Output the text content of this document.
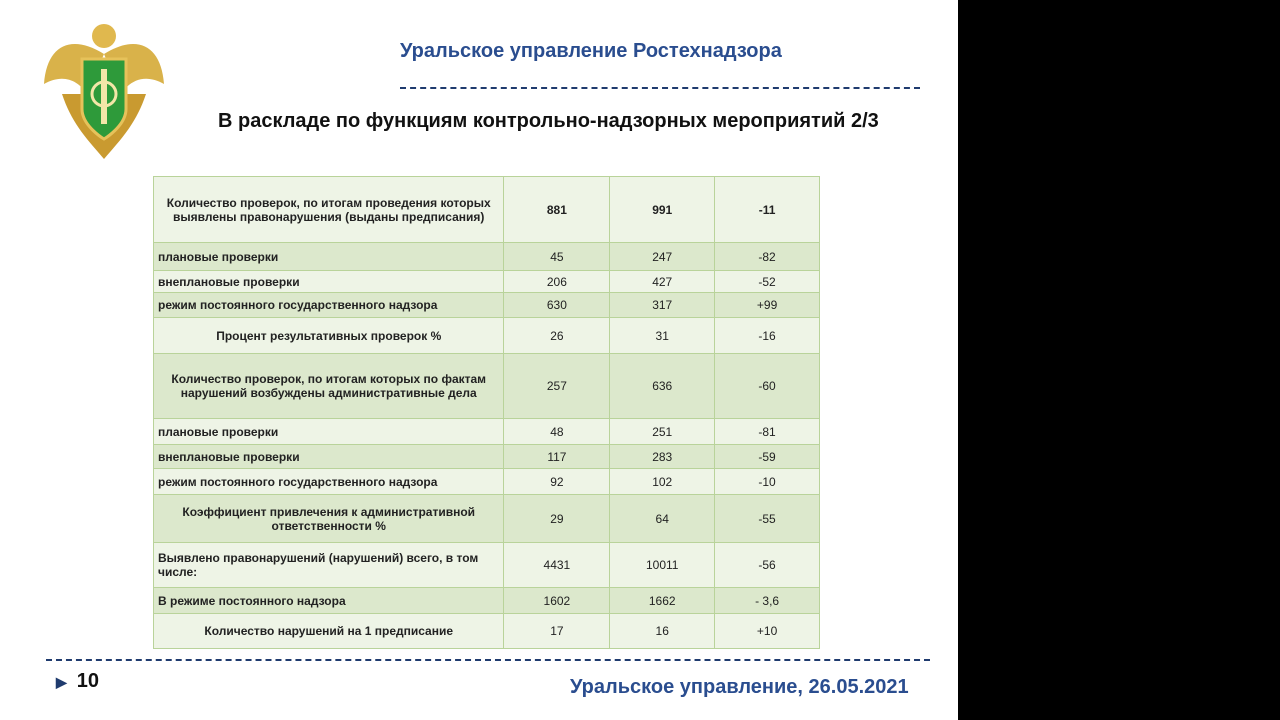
Уральское управление Ростехнадзора
В раскладе по функциям контрольно-надзорных мероприятий 2/3
Количество проверок, по итогам проведения которых выявлены правонарушения (выданы предписания)	881	991	-11
плановые проверки	45	247	-82
внеплановые проверки	206	427	-52
режим постоянного государственного надзора	630	317	+99
Процент результативных проверок %	26	31	-16
Количество проверок, по итогам которых по фактам нарушений возбуждены административные дела	257	636	-60
плановые проверки	48	251	-81
внеплановые проверки	117	283	-59
режим постоянного государственного надзора	92	102	-10
Коэффициент привлечения к административной ответственности %	29	64	-55
Выявлено правонарушений (нарушений) всего, в том числе:	4431	10011	-56
В режиме постоянного надзора	1602	1662	- 3,6
Количество нарушений на 1 предписание	17	16	+10
▶ 10	Уральское управление, 26.05.2021
